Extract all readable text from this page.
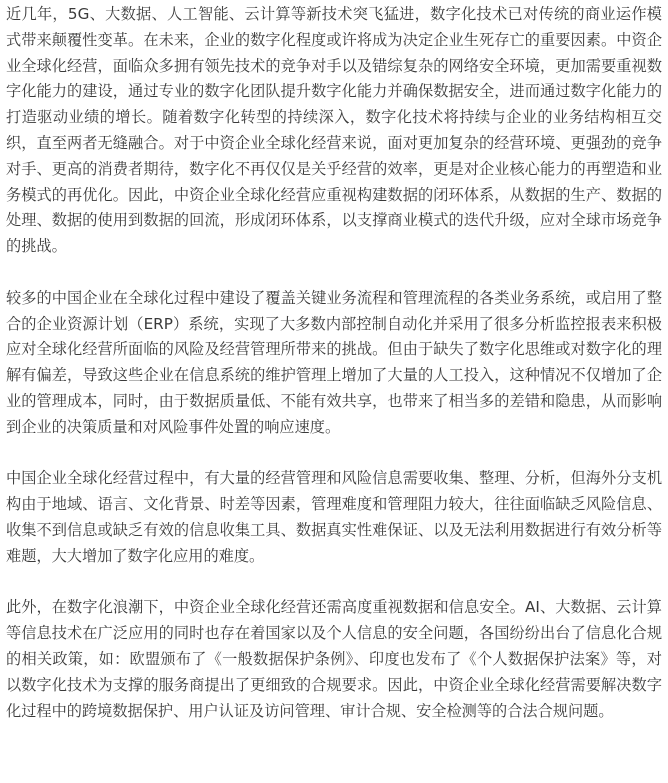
近几年，5G、大数据、人工智能、云计算等新技术突飞猛进，数字化技术已对传统的商业运作模式带来颠覆性变革。在未来，企业的数字化程度或许将成为决定企业生死存亡的重要因素。中资企业全球化经营，面临众多拥有领先技术的竞争对手以及错综复杂的网络安全环境，更加需要重视数字化能力的建设，通过专业的数字化团队提升数字化能力并确保数据安全，进而通过数字化能力的打造驱动业绩的增长。随着数字化转型的持续深入，数字化技术将持续与企业的业务结构相互交织，直至两者无缝融合。对于中资企业全球化经营来说，面对更加复杂的经营环境、更强劲的竞争对手、更高的消费者期待，数字化不再仅仅是关乎经营的效率，更是对企业核心能力的再塑造和业务模式的再优化。因此，中资企业全球化经营应重视构建数据的闭环体系，从数据的生产、数据的处理、数据的使用到数据的回流，形成闭环体系，以支撑商业模式的迭代升级，应对全球市场竞争的挑战。

较多的中国企业在全球化过程中建设了覆盖关键业务流程和管理流程的各类业务系统，或启用了整合的企业资源计划（ERP）系统，实现了大多数内部控制自动化并采用了很多分析监控报表来积极应对全球化经营所面临的风险及经营管理所带来的挑战。但由于缺失了数字化思维或对数字化的理解有偏差，导致这些企业在信息系统的维护管理上增加了大量的人工投入，这种情况不仅增加了企业的管理成本，同时，由于数据质量低、不能有效共享，也带来了相当多的差错和隐患，从而影响到企业的决策质量和对风险事件处置的响应速度。

中国企业全球化经营过程中，有大量的经营管理和风险信息需要收集、整理、分析，但海外分支机构由于地域、语言、文化背景、时差等因素，管理难度和管理阻力较大，往往面临缺乏风险信息、收集不到信息或缺乏有效的信息收集工具、数据真实性难保证、以及无法利用数据进行有效分析等难题，大大增加了数字化应用的难度。

此外，在数字化浪潮下，中资企业全球化经营还需高度重视数据和信息安全。AI、大数据、云计算等信息技术在广泛应用的同时也存在着国家以及个人信息的安全问题，各国纷纷出台了信息化合规的相关政策，如：欧盟颁布了《一般数据保护条例》、印度也发布了《个人数据保护法案》等，对以数字化技术为支撑的服务商提出了更细致的合规要求。因此，中资企业全球化经营需要解决数字化过程中的跨境数据保护、用户认证及访问管理、审计合规、安全检测等的合法合规问题。
